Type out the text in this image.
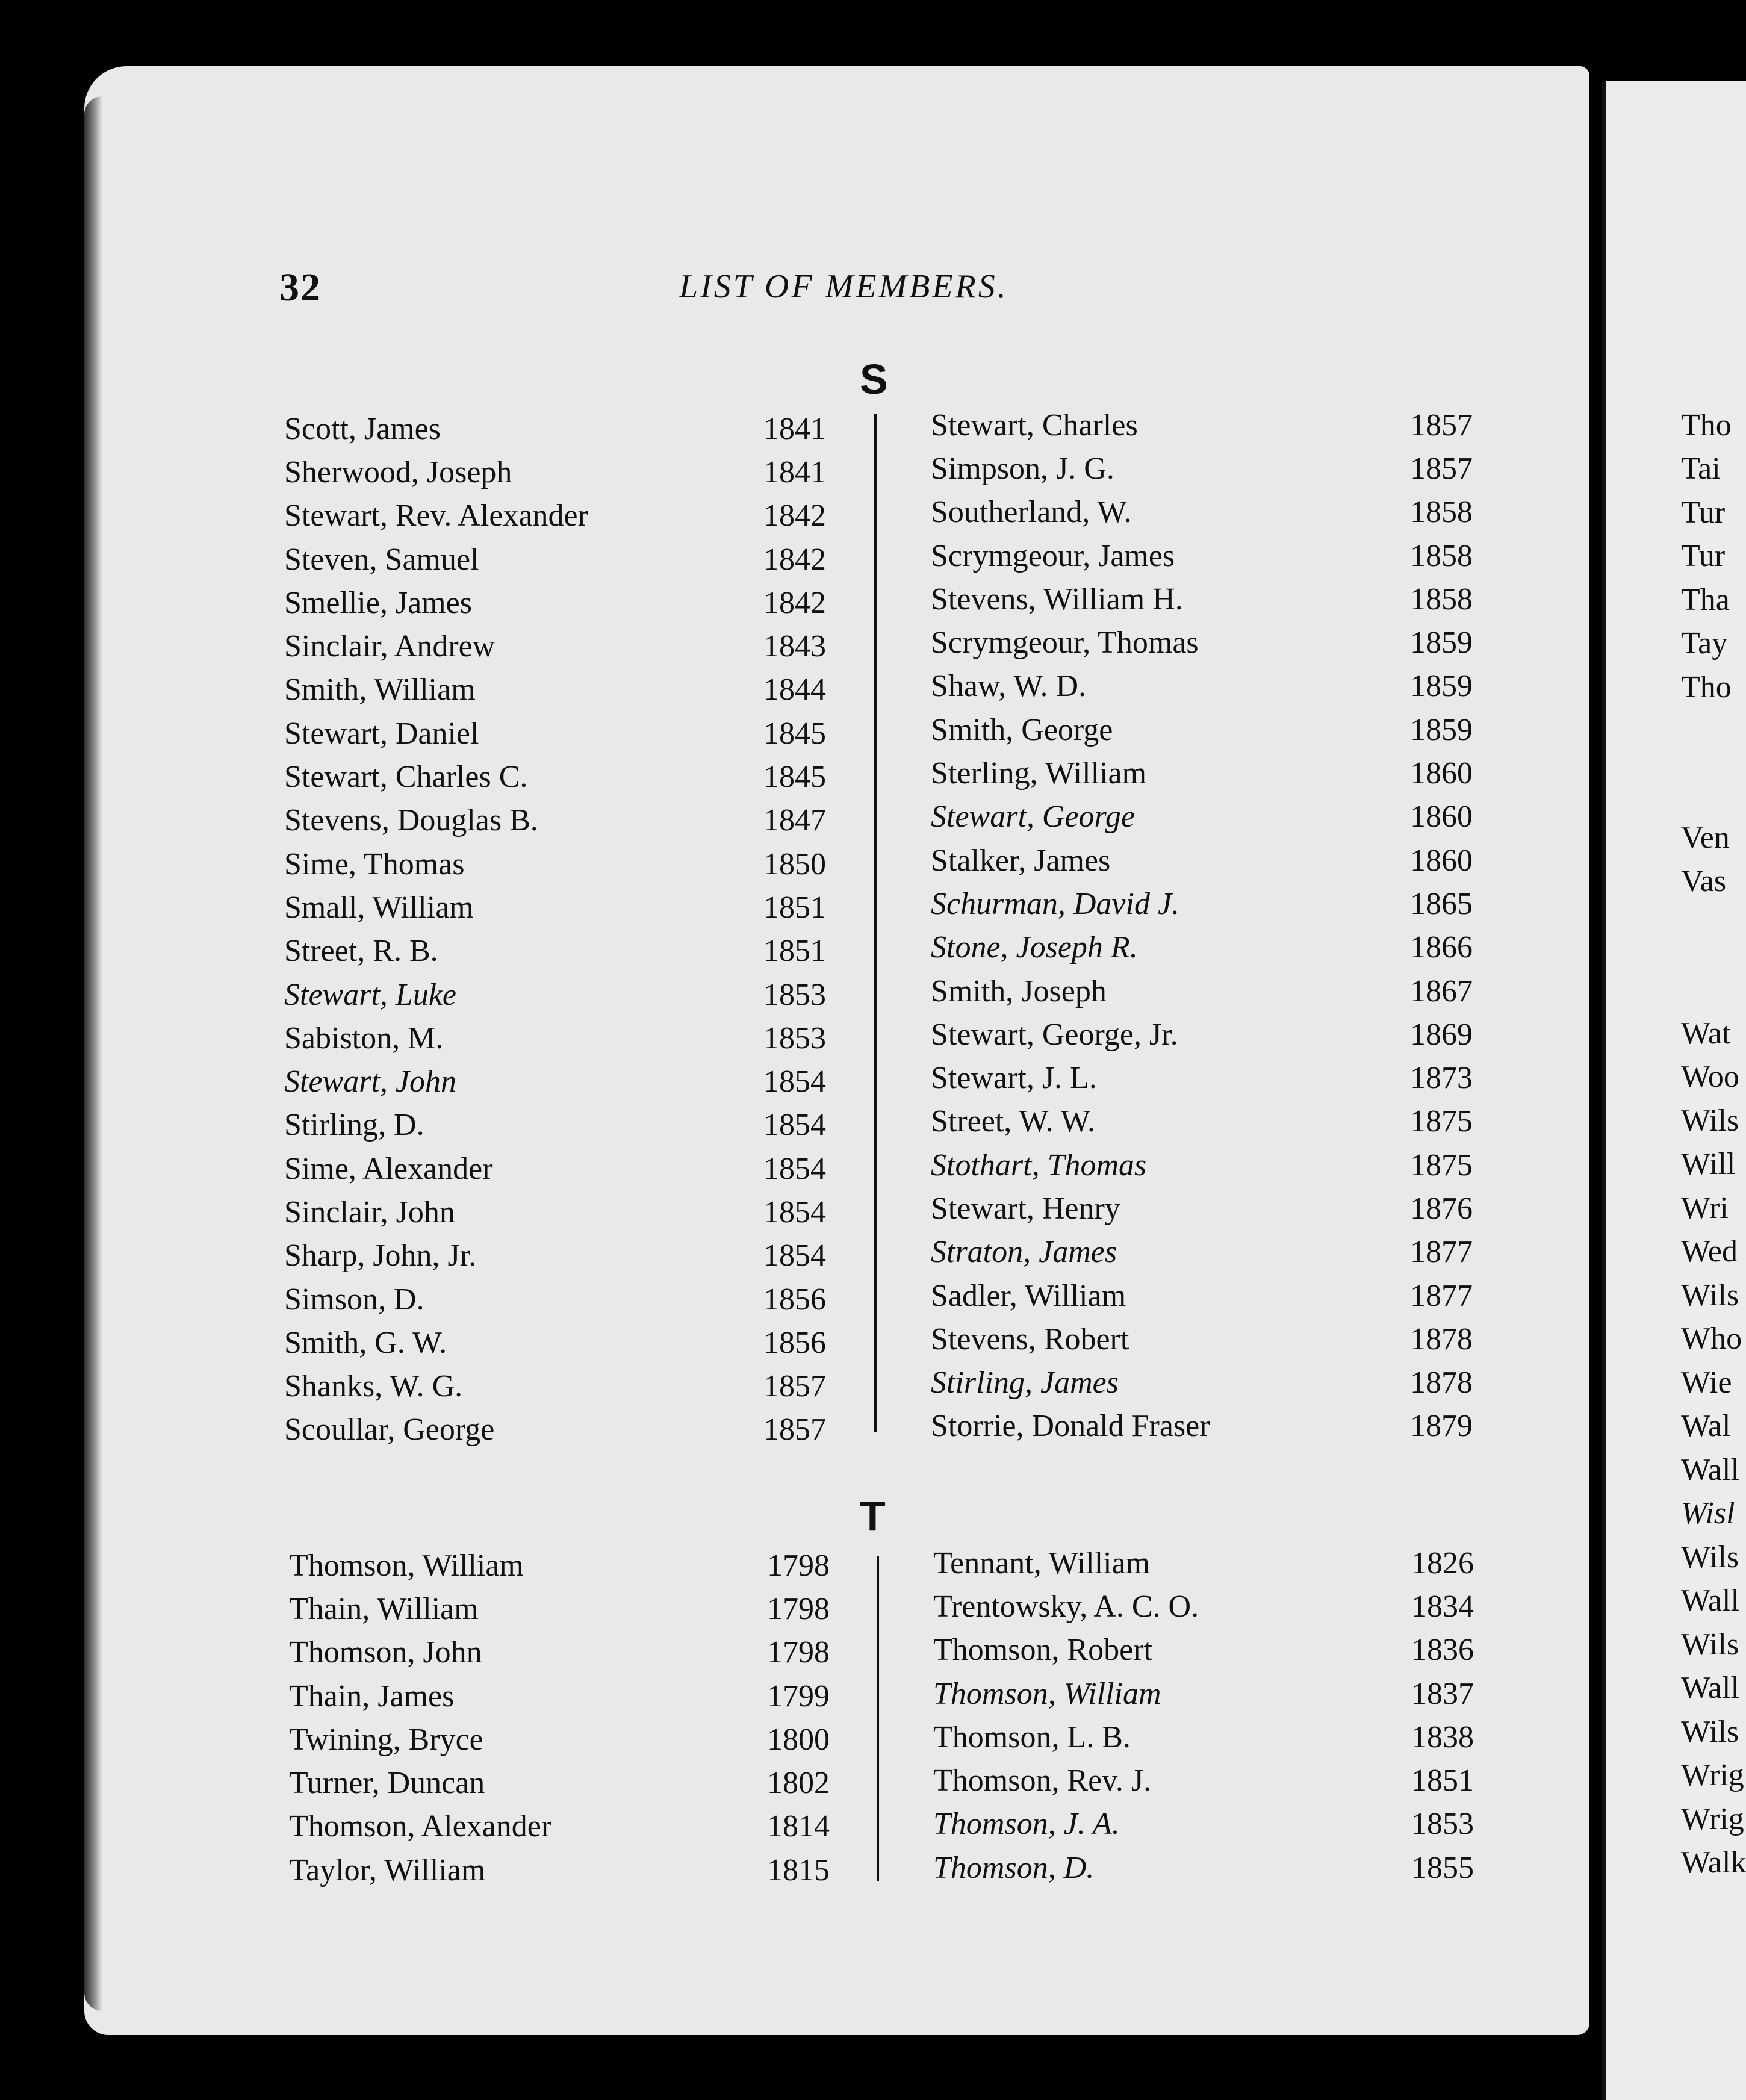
32	LIST OF MEMBERS.
S
Scott, James	1841
Sherwood, Joseph	1841
Stewart, Rev. Alexander	1842
Steven, Samuel	1842
Smellie, James	1842
Sinclair, Andrew	1843
Smith, William	1844
Stewart, Daniel	1845
Stewart, Charles C.	1845
Stevens, Douglas B.	1847
Sime, Thomas	1850
Small, William	1851
Street, R. B.	1851
Stewart, Luke	1853
Sabiston, M.	1853
Stewart, John	1854
Stirling, D.	1854
Sime, Alexander	1854
Sinclair, John	1854
Sharp, John, Jr.	1854
Simson, D.	1856
Smith, G. W.	1856
Shanks, W. G.	1857
Scoullar, George	1857
Stewart, Charles	1857
Simpson, J. G.	1857
Southerland, W.	1858
Scrymgeour, James	1858
Stevens, William H.	1858
Scrymgeour, Thomas	1859
Shaw, W. D.	1859
Smith, George	1859
Sterling, William	1860
Stewart, George	1860
Stalker, James	1860
Schurman, David J.	1865
Stone, Joseph R.	1866
Smith, Joseph	1867
Stewart, George, Jr.	1869
Stewart, J. L.	1873
Street, W. W.	1875
Stothart, Thomas	1875
Stewart, Henry	1876
Straton, James	1877
Sadler, William	1877
Stevens, Robert	1878
Stirling, James	1878
Storrie, Donald Fraser	1879
T
Thomson, William	1798
Thain, William	1798
Thomson, John	1798
Thain, James	1799
Twining, Bryce	1800
Turner, Duncan	1802
Thomson, Alexander	1814
Taylor, William	1815
Tennant, William	1826
Trentowsky, A. C. O.	1834
Thomson, Robert	1836
Thomson, William	1837
Thomson, L. B.	1838
Thomson, Rev. J.	1851
Thomson, J. A.	1853
Thomson, D.	1855
Tho
Tai
Tur
Tur
Tha
Tay
Tho
Ven
Vas
Wat
Woo
Wils
Will
Wri
Wed
Wils
Who
Wie
Wal
Wall
Wisl
Wils
Wall
Wils
Wall
Wils
Wrig
Wrig
Walk
